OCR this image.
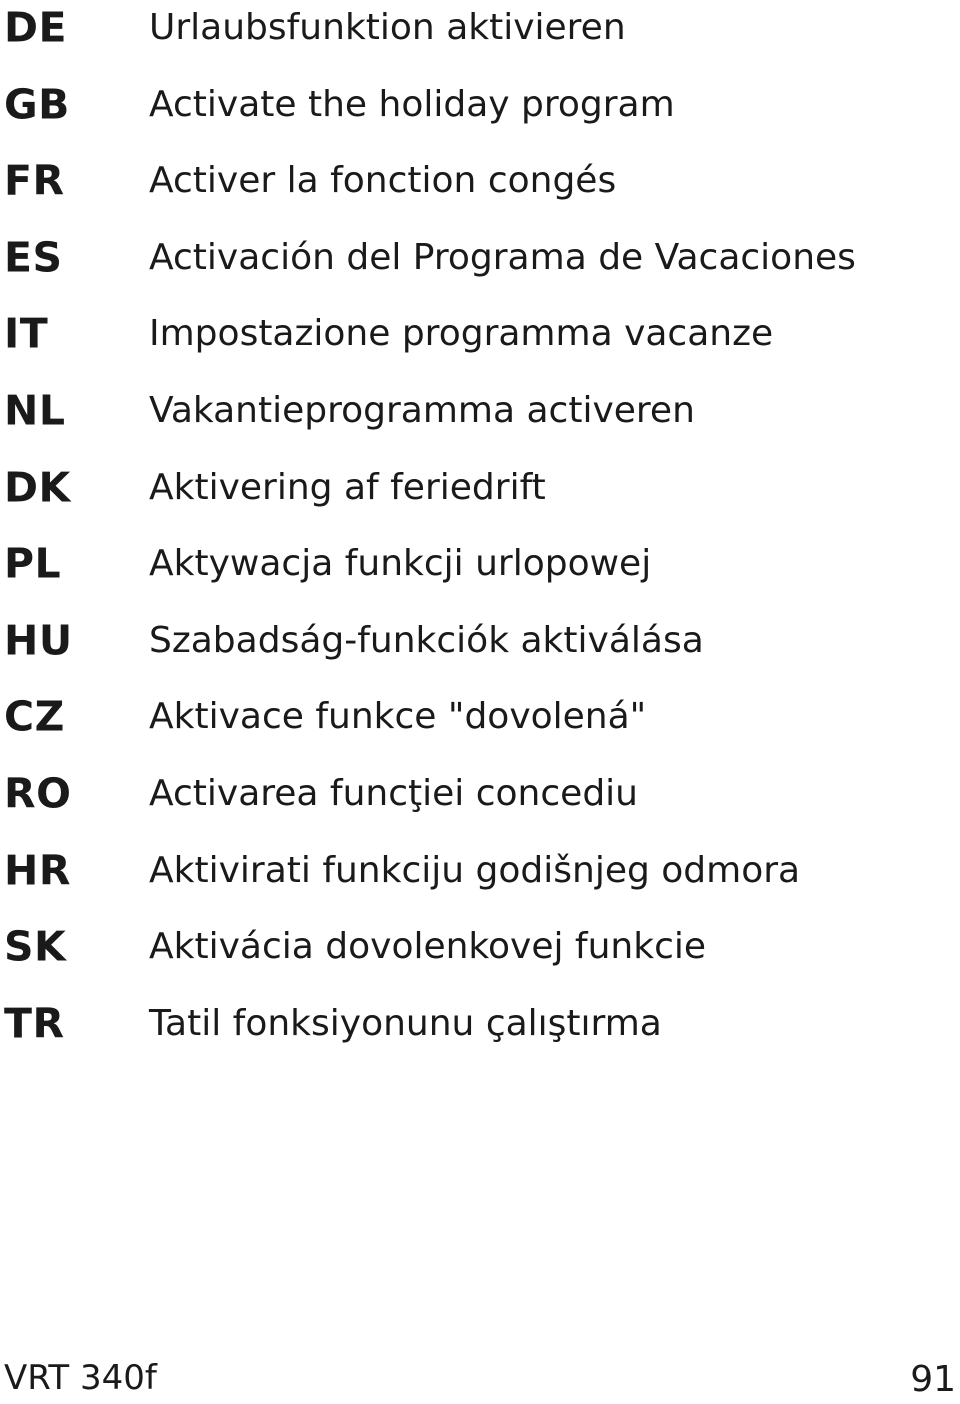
DE Urlaubsfunktion aktivieren
GB Activate the holiday program
FR Activer la fonction congés
ES Activación del Programa de Vacaciones
IT	Impostazione programma vacanze
NL Vakantieprogramma activeren
DK Aktivering af feriedrift
PL Aktywacja funkcji urlopowej
HU Szabadság-funkciók aktiválása
CZ Aktivace funkce "dovolená"
RO Activarea funcţiei concediu
HR Aktivirati funkciju godišnjeg odmora
SK Aktivácia dovolenkovej funkcie
TR Tatil fonksiyonunu çalıştırma
VRT 340f	91
